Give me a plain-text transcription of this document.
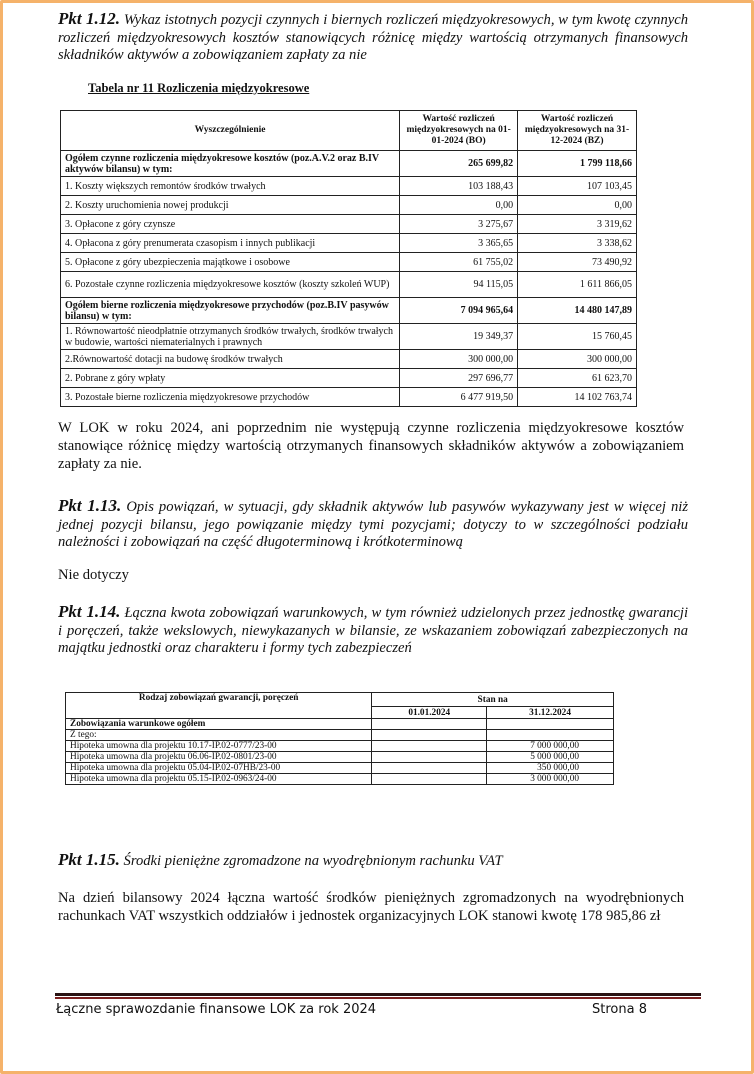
Pkt 1.12. Wykaz istotnych pozycji czynnych i biernych rozliczeń międzyokresowych, w tym kwotę czynnych rozliczeń międzyokresowych kosztów stanowiących różnicę między wartością otrzymanych finansowych składników aktywów a zobowiązaniem zapłaty za nie
Tabela nr 11 Rozliczenia międzyokresowe
Wyszczególnienie	Wartość rozliczeń międzyokresowych na 01-01-2024 (BO)	Wartość rozliczeń międzyokresowych na 31-12-2024 (BZ)
Ogółem czynne rozliczenia międzyokresowe kosztów (poz.A.V.2 oraz B.IV aktywów bilansu) w tym:	265 699,82	1 799 118,66
1. Koszty większych remontów środków trwałych	103 188,43	107 103,45
2. Koszty uruchomienia nowej produkcji	0,00	0,00
3. Opłacone z góry czynsze	3 275,67	3 319,62
4. Opłacona z góry prenumerata czasopism i innych publikacji	3 365,65	3 338,62
5. Opłacone z góry ubezpieczenia majątkowe i osobowe	61 755,02	73 490,92
6. Pozostałe czynne rozliczenia międzyokresowe kosztów (koszty szkoleń WUP)	94 115,05	1 611 866,05
Ogółem bierne rozliczenia międzyokresowe przychodów (poz.B.IV pasywów bilansu) w tym:	7 094 965,64	14 480 147,89
1. Równowartość nieodpłatnie otrzymanych środków trwałych, środków trwałych w budowie, wartości niematerialnych i prawnych	19 349,37	15 760,45
2.Równowartość dotacji na budowę środków trwałych	300 000,00	300 000,00
2. Pobrane z góry wpłaty	297 696,77	61 623,70
3. Pozostałe bierne rozliczenia międzyokresowe przychodów	6 477 919,50	14 102 763,74
W LOK w roku 2024, ani poprzednim nie występują czynne rozliczenia międzyokresowe kosztów stanowiące różnicę między wartością otrzymanych finansowych składników aktywów a zobowiązaniem zapłaty za nie.
Pkt 1.13. Opis powiązań, w sytuacji, gdy składnik aktywów lub pasywów wykazywany jest w więcej niż jednej pozycji bilansu, jego powiązanie między tymi pozycjami; dotyczy to w szczególności podziału należności i zobowiązań na część długoterminową i krótkoterminową
Nie dotyczy
Pkt 1.14. Łączna kwota zobowiązań warunkowych, w tym również udzielonych przez jednostkę gwarancji i poręczeń, także wekslowych, niewykazanych w bilansie, ze wskazaniem zobowiązań zabezpieczonych na majątku jednostki oraz charakteru i formy tych zabezpieczeń
Rodzaj zobowiązań gwarancji, poręczeń	Stan na	
	01.01.2024	31.12.2024
Zobowiązania warunkowe ogółem		
Z tego:		
Hipoteka umowna dla projektu 10.17-IP.02-0777/23-00		7 000 000,00
Hipoteka umowna dla projektu 06.06-IP.02-0801/23-00		5 000 000,00
Hipoteka umowna dla projektu 05.04-IP.02-07HB/23-00		350 000,00
Hipoteka umowna dla projektu 05.15-IP.02-0963/24-00		3 000 000,00
Pkt 1.15. Środki pieniężne zgromadzone na wyodrębnionym rachunku VAT
Na dzień bilansowy 2024 łączna wartość środków pieniężnych zgromadzonych na wyodrębnionych rachunkach VAT wszystkich oddziałów i jednostek organizacyjnych LOK stanowi kwotę 178 985,86 zł
Łączne sprawozdanie finansowe LOK za rok 2024	Strona 8
